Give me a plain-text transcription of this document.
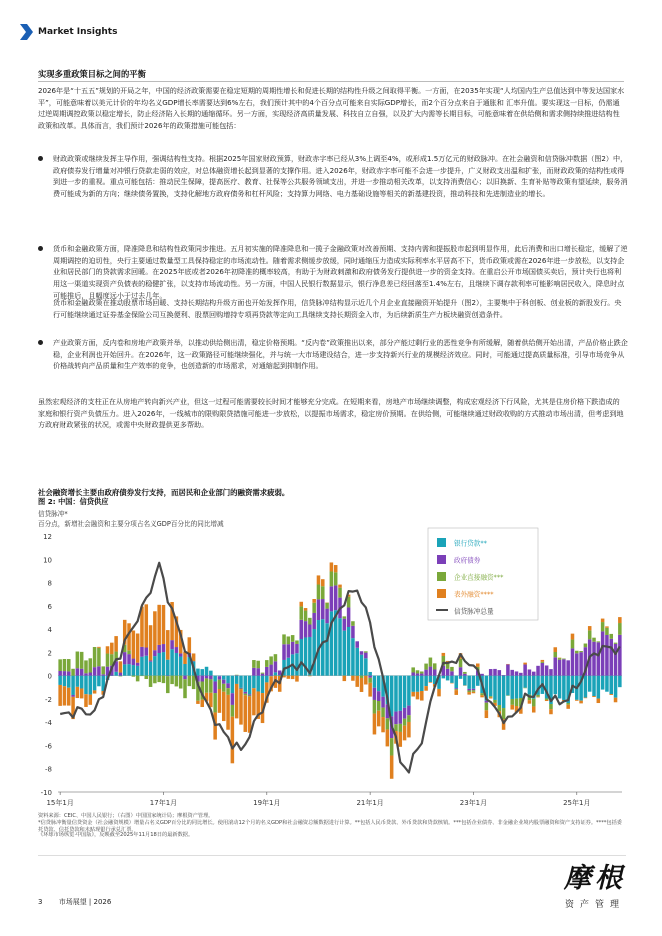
Market Insights
实现多重政策目标之间的平衡

2026年是“十五五”规划的开局之年，中国的经济政策需要在稳定短期的周期性增长和促进长期的结构性升级之间取得平衡。一方面，在2035年实现“人均国内生产总值达到中等发达国家水平”，可能意味着以美元计价的年均名义GDP增长率需要达到6%左右，我们预计其中的4个百分点可能来自实际GDP增长，而2个百分点来自于通胀和 汇率升值。要实现这一目标，仍需通过逆周期调控政策以稳定增长，防止经济陷入长期的通缩循环。另一方面，实现经济高质量发展、科技自立自强，以及扩大内需等长期目标，可能意味着在供给侧和需求侧持续推进结构性政策和改革。具体而言，我们预计2026年的政策措施可能包括：

财政政策或继续发挥主导作用，强调结构性支持。根据2025年国家财政预算，财政赤字率已经从3%上调至4%，或形成1.5万亿元的财政脉冲。在社会融资和信贷脉冲数据（图2）中，政府债券发行增量对冲银行贷款走弱的效应，对总体融资增长起到显著的支撑作用。进入2026年，财政赤字率可能不会进一步提升，广义财政支出温和扩张，而财政政策的结构性或得到进一步的重视。重点可能包括：推动民生保障，提高医疗、教育、社保等公共服务领域支出，并进一步推动相关改革，以支持消费信心；以旧换新、生育补贴等政策有望延续，服务消费可能成为新的方向；继续债务置换，支持化解地方政府债务和杠杆风险；支持算力网络、电力基础设施等相关的新基建投资，推动科技和先进制造业的增长。

货币和金融政策方面，降准降息和结构性政策同步推进。五月初实施的降准降息和一揽子金融政策对改善预期、支持内需和提振股市起到明显作用，此后消费和出口增长稳定，缓解了逆周期调控的迫切性，央行主要通过数量型工具保持稳定的市场流动性。随着需求侧缓步放缓，同时通缩压力造成实际利率水平居高不下，货币政策或需在2026年进一步放松，以支持企业和居民部门的贷款需求回暖。在2025年底或者2026年初降准的概率较高，有助于为财政刺激和政府债务发行提供进一步的资金支持。在重启公开市场国债买卖后，预计央行也将利用这一渠道实现资产负债表的稳健扩张，以支持市场流动性。另一方面，中国人民银行数据显示，银行净息差已经回落至1.4%左右，且继续下调存款利率可能影响居民收入，降息时点可能推后，且幅度远小于过去几年。

货币和金融政策在推动股票市场回暖、支持长期结构升级方面也开始发挥作用，信贷脉冲结构显示近几个月企业直接融资开始提升（图2），主要集中于科创板、创业板的新股发行。央行可能继续通过证券基金保险公司互换便利、股票回购增持专项再贷款等定向工具继续支持长期资金入市，为后续新质生产力板块融资创造条件。

产业政策方面，反内卷和房地产政策并举，以推动供给侧出清，稳定价格预期。“反内卷”政策推出以来，部分产能过剩行业的恶性竞争有所缓解，随着供给侧开始出清，产品价格止跌企稳，企业利润也开始回升。在2026年，这一政策路径可能继续强化，并与统一大市场建设结合，进一步支持新兴行业的规模经济效应。同时，可能通过提高质量标准，引导市场竞争从价格战转向产品质量和生产效率的竞争，也创造新的市场需求，对通缩起到抑制作用。

虽然宏观经济的支柱正在从房地产转向新兴产业，但这一过程可能需要较长时间才能够充分完成。在短期来看，房地产市场继续调整，构成宏观经济下行风险，尤其是住房价格下跌造成的家庭和银行资产负债压力。进入2026年，一线城市的限购限贷措施可能进一步放松，以提振市场需求，稳定房价预期。在供给侧，可能继续通过财政收购的方式推动市场出清，但考虑到地方政府财政紧张的状况，或需中央财政提供更多帮助。

社会融资增长主要由政府债券发行支持，而居民和企业部门的融资需求疲弱。
图 2: 中国：信贷供应
信贷脉冲*
百分点，新增社会融资和主要分项占名义GDP百分比的同比增减
12
10
8
6
4
2
0
-2
-4
-6
-8
-10
15年1月	17年1月	19年1月	21年1月	23年1月	25年1月
银行贷款**
政府债券
企业直接融资***
表外融资****
信贷脉冲总量
资料来源：CEIC、中国人民银行；（右图）中国国家统计局；摩根资产管理。
*信贷脉冲衡量信贷资金（社会融资规模）增量占名义GDP百分比的同比增长。使用滚动12个月的名义GDP和社会融资总额数据进行计算。**包括人民币贷款、外币贷款和贷款核销。***包括企业债券、非金融企业境内股票融资和资产支持证券。****包括委托贷款、信托贷款和未贴现银行承兑汇票。
《环球市场纵览·中国版》，反映截至2025年11月18日的最新数据。
3 市场展望 | 2026
摩根
资产管理
